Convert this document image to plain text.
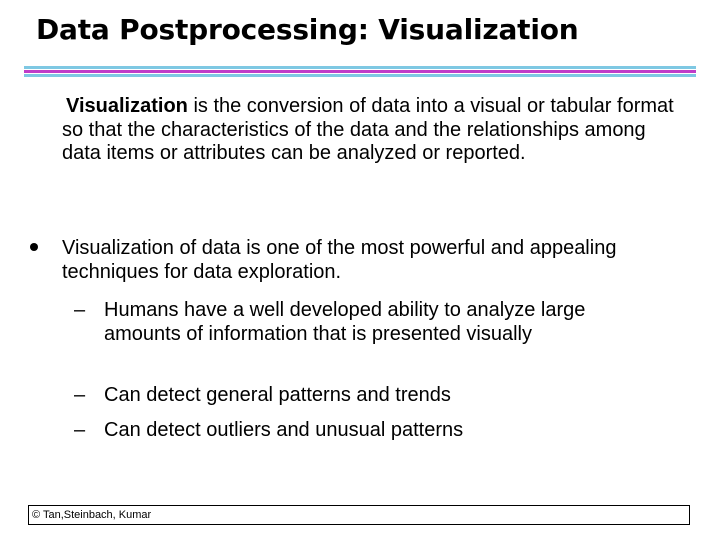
Data Postprocessing: Visualization

Visualization is the conversion of data into a visual or tabular format so that the characteristics of the data and the relationships among data items or attributes can be analyzed or reported.

Visualization of data is one of the most powerful and appealing techniques for data exploration.

– Humans have a well developed ability to analyze large amounts of information that is presented visually

– Can detect general patterns and trends

– Can detect outliers and unusual patterns

© Tan,Steinbach, Kumar
